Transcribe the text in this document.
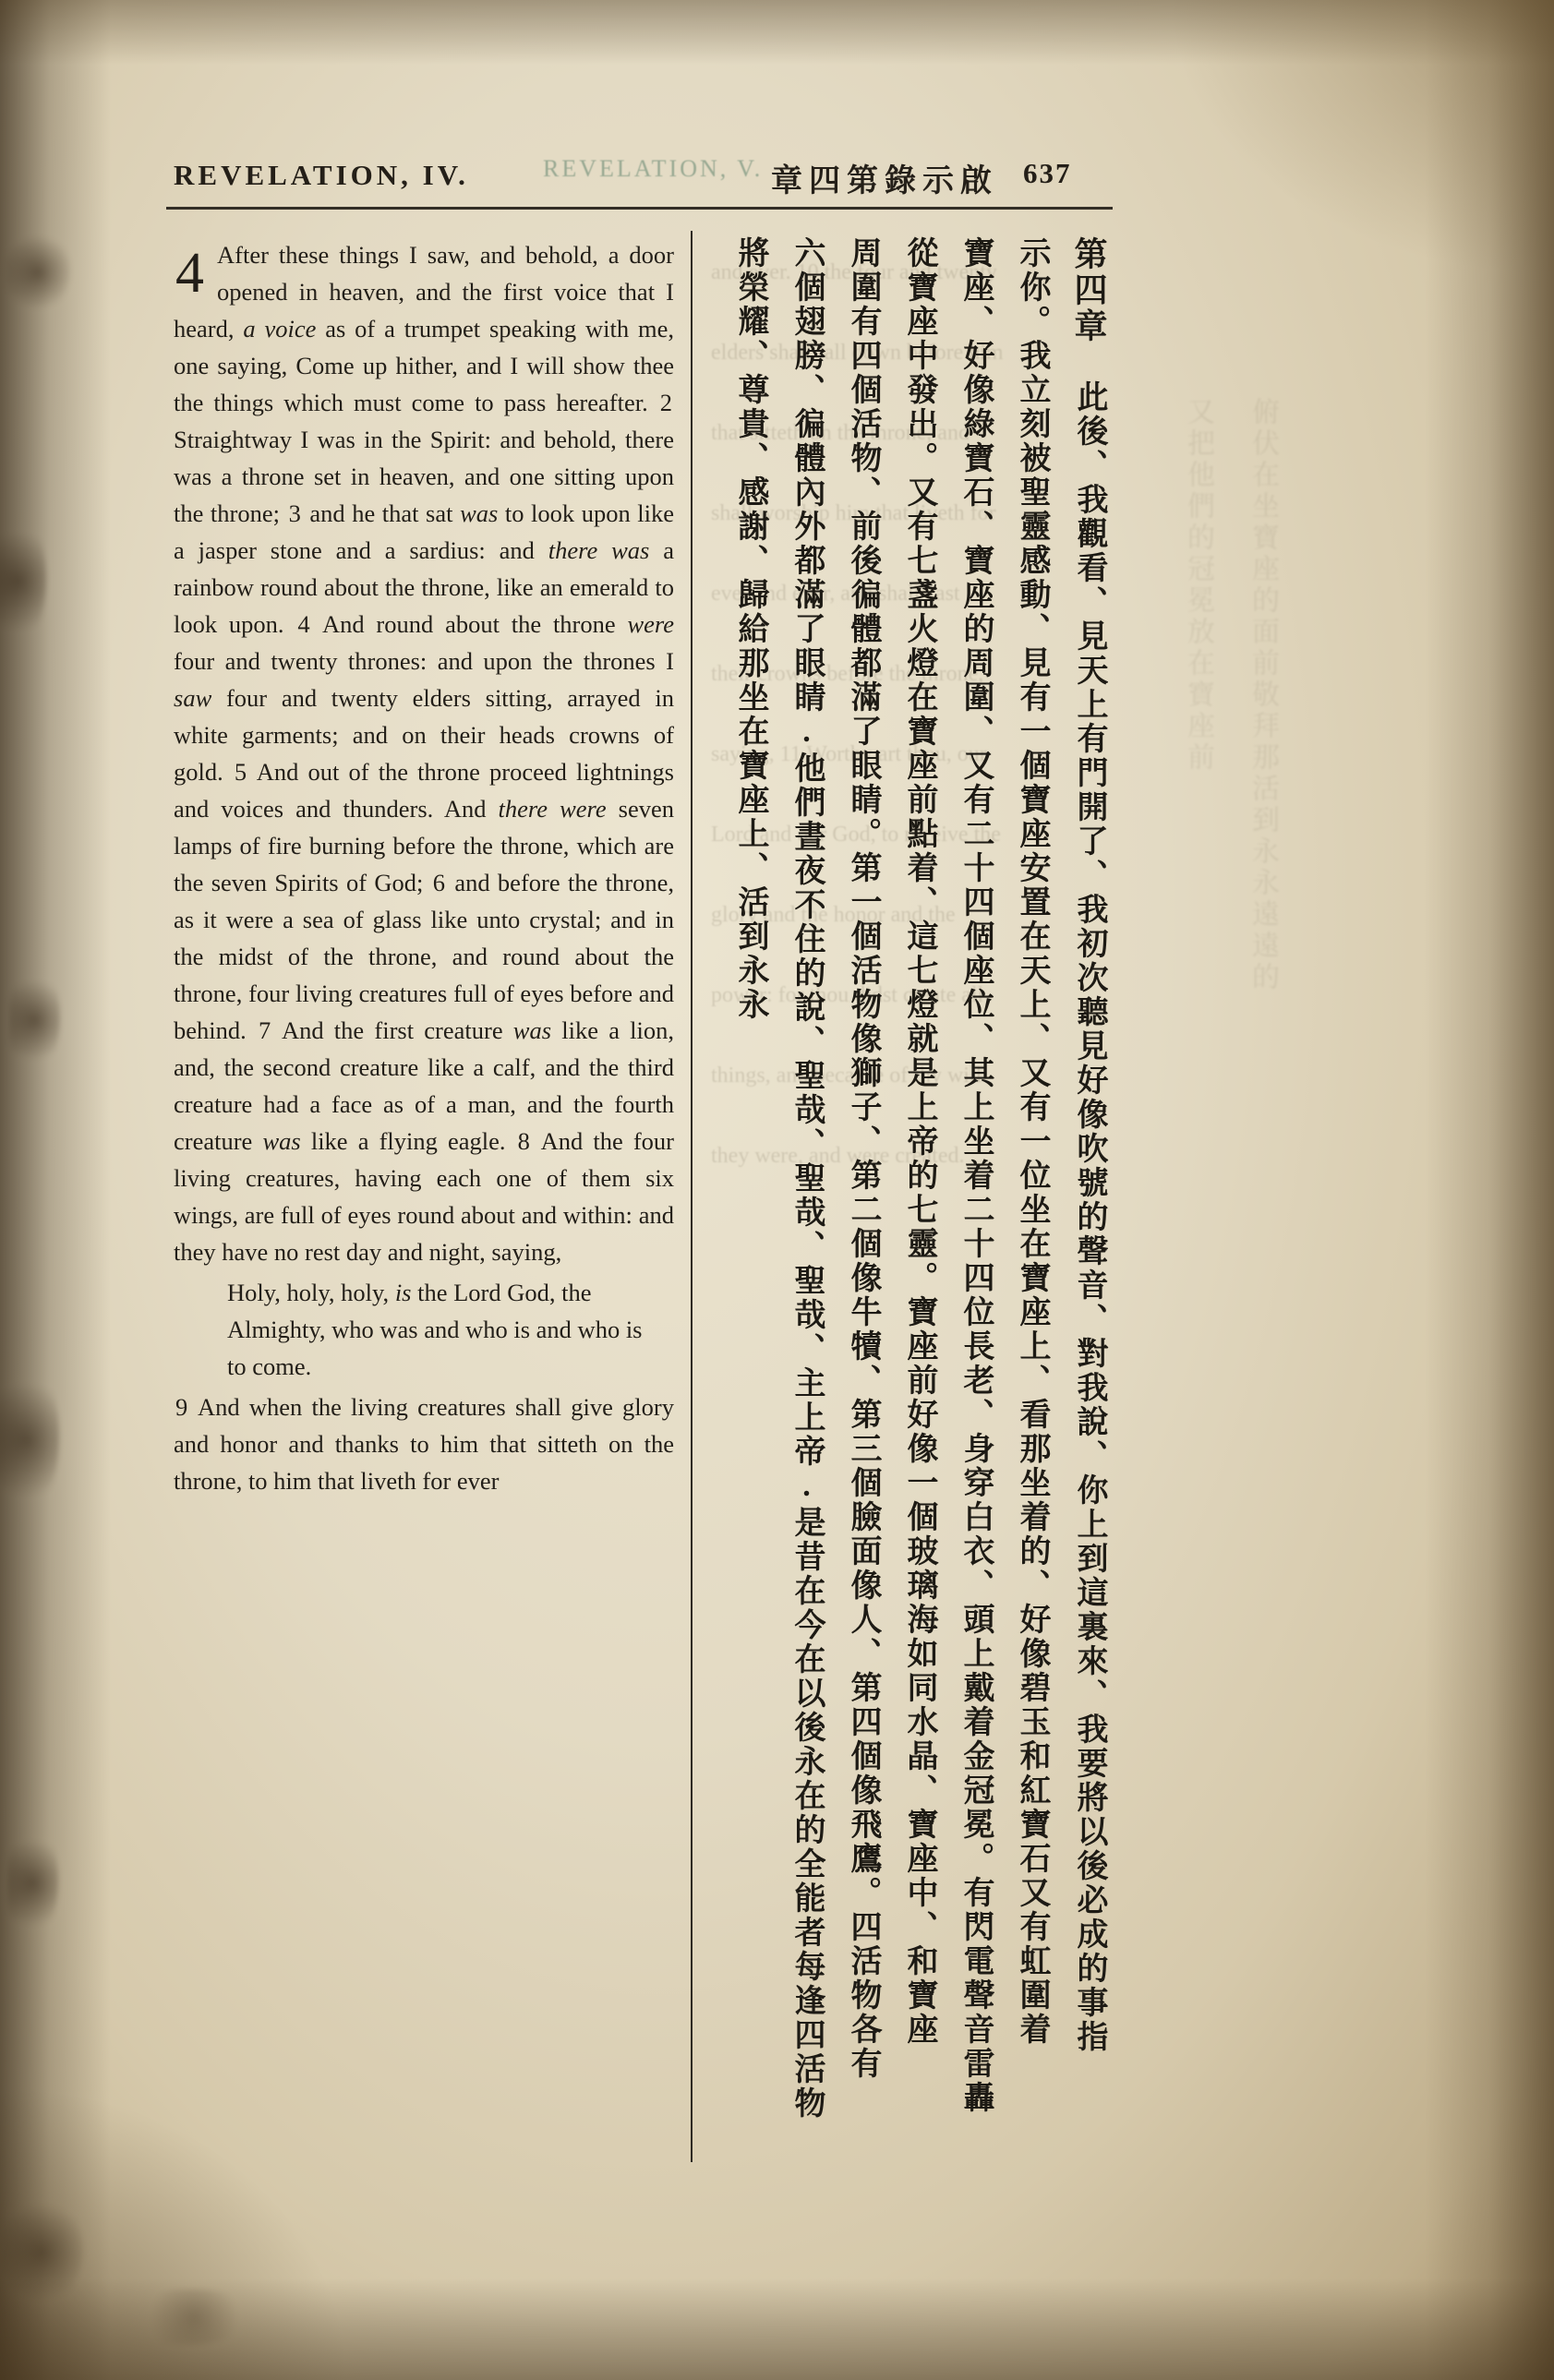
REVELATION, V.
and ever. 10 the four and twenty
elders shall fall down before him
that sitteth on the throne, and
shall worship him that liveth for
ever and ever, and shall cast
their crowns before the throne,
saying, 11 Worthy art thou, our
Lord and our God, to receive the
glory and the honor and the
power: for thou didst create all
things, and because of thy will
they were, and were created.
俯伏在坐寶座的面前敬拜那活到永永遠遠的
又把他們的冠冕放在寶座前
REVELATION, IV.	章四第錄示啟 637

4 After these things I saw, and behold, a door opened in heaven, and the first voice that I heard, a voice as of a trumpet speaking with me, one saying, Come up hither, and I will show thee the things which must come to pass hereafter. 2 Straightway I was in the Spirit: and behold, there was a throne set in heaven, and one sitting upon the throne; 3 and he that sat was to look upon like a jasper stone and a sardius: and there was a rainbow round about the throne, like an emerald to look upon. 4 And round about the throne were four and twenty thrones: and upon the thrones I saw four and twenty elders sitting, arrayed in white garments; and on their heads crowns of gold. 5 And out of the throne proceed lightnings and voices and thunders. And there were seven lamps of fire burning before the throne, which are the seven Spirits of God; 6 and before the throne, as it were a sea of glass like unto crystal; and in the midst of the throne, and round about the throne, four living creatures full of eyes before and behind. 7 And the first creature was like a lion, and, the second creature like a calf, and the third creature had a face as of a man, and the fourth creature was like a flying eagle. 8 And the four living creatures, having each one of them six wings, are full of eyes round about and within: and they have no rest day and night, saying,

Holy, holy, holy, is the Lord God, the Almighty, who was and who is and who is to come.

9 And when the living creatures shall give glory and honor and thanks to him that sitteth on the throne, to him that liveth for ever

第四章　此後、我觀看、見天上有門開了、我初次聽見好像吹號的聲音、對我說、你上到這裏來、我要將以後必成的事指
示你。我立刻被聖靈感動、見有一個寶座安置在天上、又有一位坐在寶座上、看那坐着的、好像碧玉和紅寶石又有虹圍着
寶座、好像綠寶石、寶座的周圍、又有二十四個座位、其上坐着二十四位長老、身穿白衣、頭上戴着金冠冕。有閃電聲音雷轟
從寶座中發出。又有七盞火燈在寶座前點着、這七燈就是上帝的七靈。寶座前好像一個玻璃海如同水晶、寶座中、和寶座
周圍有四個活物、前後徧體都滿了眼睛。第一個活物像獅子、第二個像牛犢、第三個臉面像人、第四個像飛鷹。四活物各有
六個翅膀、徧體內外都滿了眼睛.他們晝夜不住的說、聖哉、聖哉、聖哉、主上帝.是昔在今在以後永在的全能者每逢四活物
將榮耀、尊貴、感謝、歸給那坐在寶座上、活到永永
